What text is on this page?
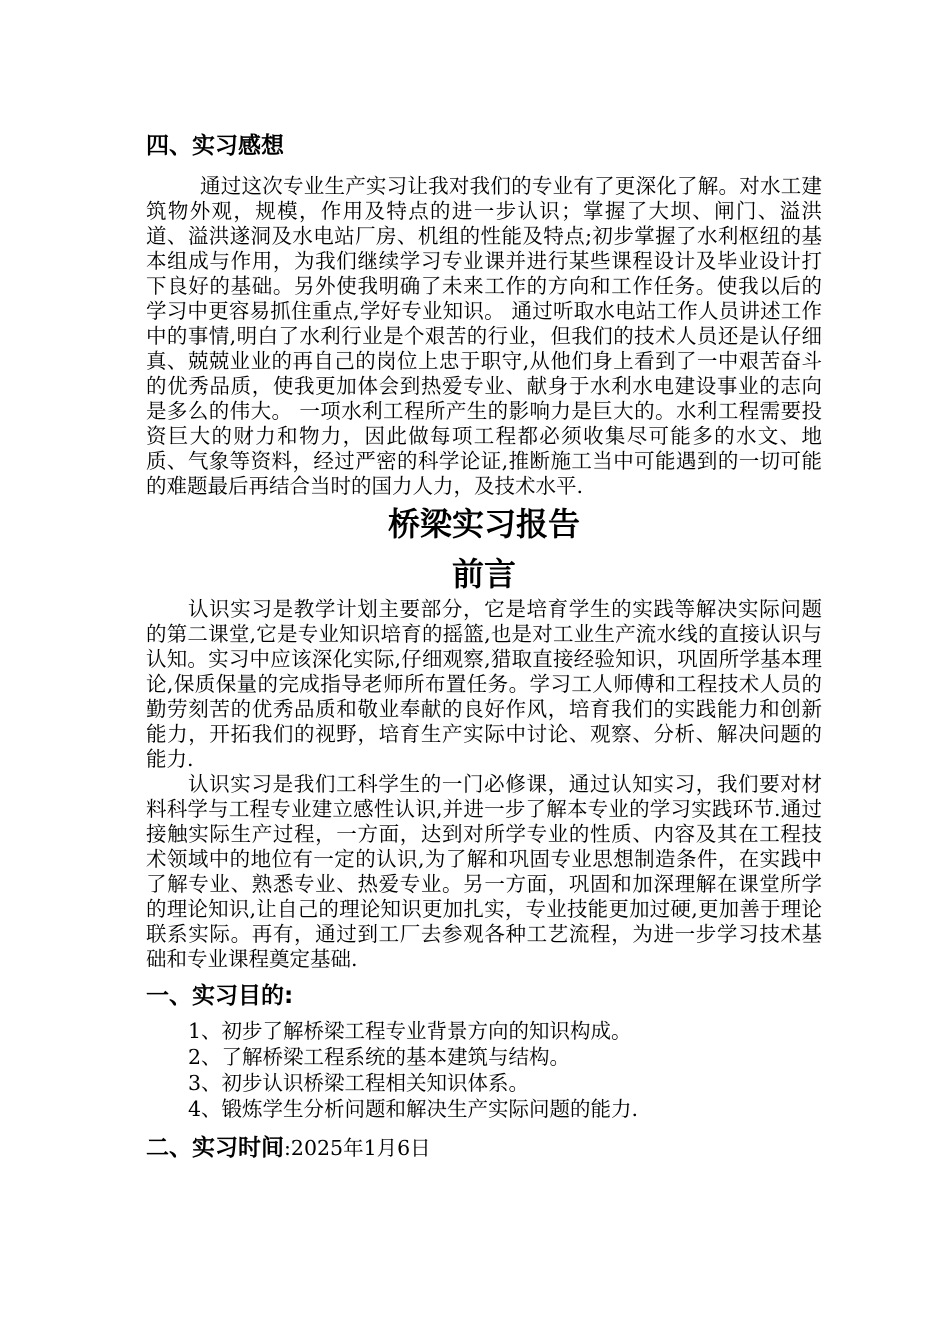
四、实习感想

通过这次专业生产实习让我对我们的专业有了更深化了解。对水工建筑物外观，规模，作用及特点的进一步认识；掌握了大坝、闸门、溢洪道、溢洪遂洞及水电站厂房、机组的性能及特点;初步掌握了水利枢纽的基本组成与作用，为我们继续学习专业课并进行某些课程设计及毕业设计打下良好的基础。另外使我明确了未来工作的方向和工作任务。使我以后的学习中更容易抓住重点,学好专业知识。 通过听取水电站工作人员讲述工作中的事情,明白了水利行业是个艰苦的行业，但我们的技术人员还是认仔细真、兢兢业业的再自己的岗位上忠于职守,从他们身上看到了一中艰苦奋斗的优秀品质，使我更加体会到热爱专业、献身于水利水电建设事业的志向是多么的伟大。 一项水利工程所产生的影响力是巨大的。水利工程需要投资巨大的财力和物力，因此做每项工程都必须收集尽可能多的水文、地质、气象等资料，经过严密的科学论证,推断施工当中可能遇到的一切可能的难题最后再结合当时的国力人力，及技术水平.

桥梁实习报告
前言

认识实习是教学计划主要部分，它是培育学生的实践等解决实际问题的第二课堂,它是专业知识培育的摇篮,也是对工业生产流水线的直接认识与认知。实习中应该深化实际,仔细观察,猎取直接经验知识，巩固所学基本理论,保质保量的完成指导老师所布置任务。学习工人师傅和工程技术人员的勤劳刻苦的优秀品质和敬业奉献的良好作风，培育我们的实践能力和创新能力，开拓我们的视野，培育生产实际中讨论、观察、分析、解决问题的能力.

认识实习是我们工科学生的一门必修课，通过认知实习，我们要对材料科学与工程专业建立感性认识,并进一步了解本专业的学习实践环节.通过接触实际生产过程，一方面，达到对所学专业的性质、内容及其在工程技术领域中的地位有一定的认识,为了解和巩固专业思想制造条件，在实践中了解专业、熟悉专业、热爱专业。另一方面，巩固和加深理解在课堂所学的理论知识,让自己的理论知识更加扎实，专业技能更加过硬,更加善于理论联系实际。再有，通过到工厂去参观各种工艺流程，为进一步学习技术基础和专业课程奠定基础.

一、实习目的:
1、初步了解桥梁工程专业背景方向的知识构成。
2、了解桥梁工程系统的基本建筑与结构。
3、初步认识桥梁工程相关知识体系。
4、锻炼学生分析问题和解决生产实际问题的能力.
二、实习时间:2025年1月6日
